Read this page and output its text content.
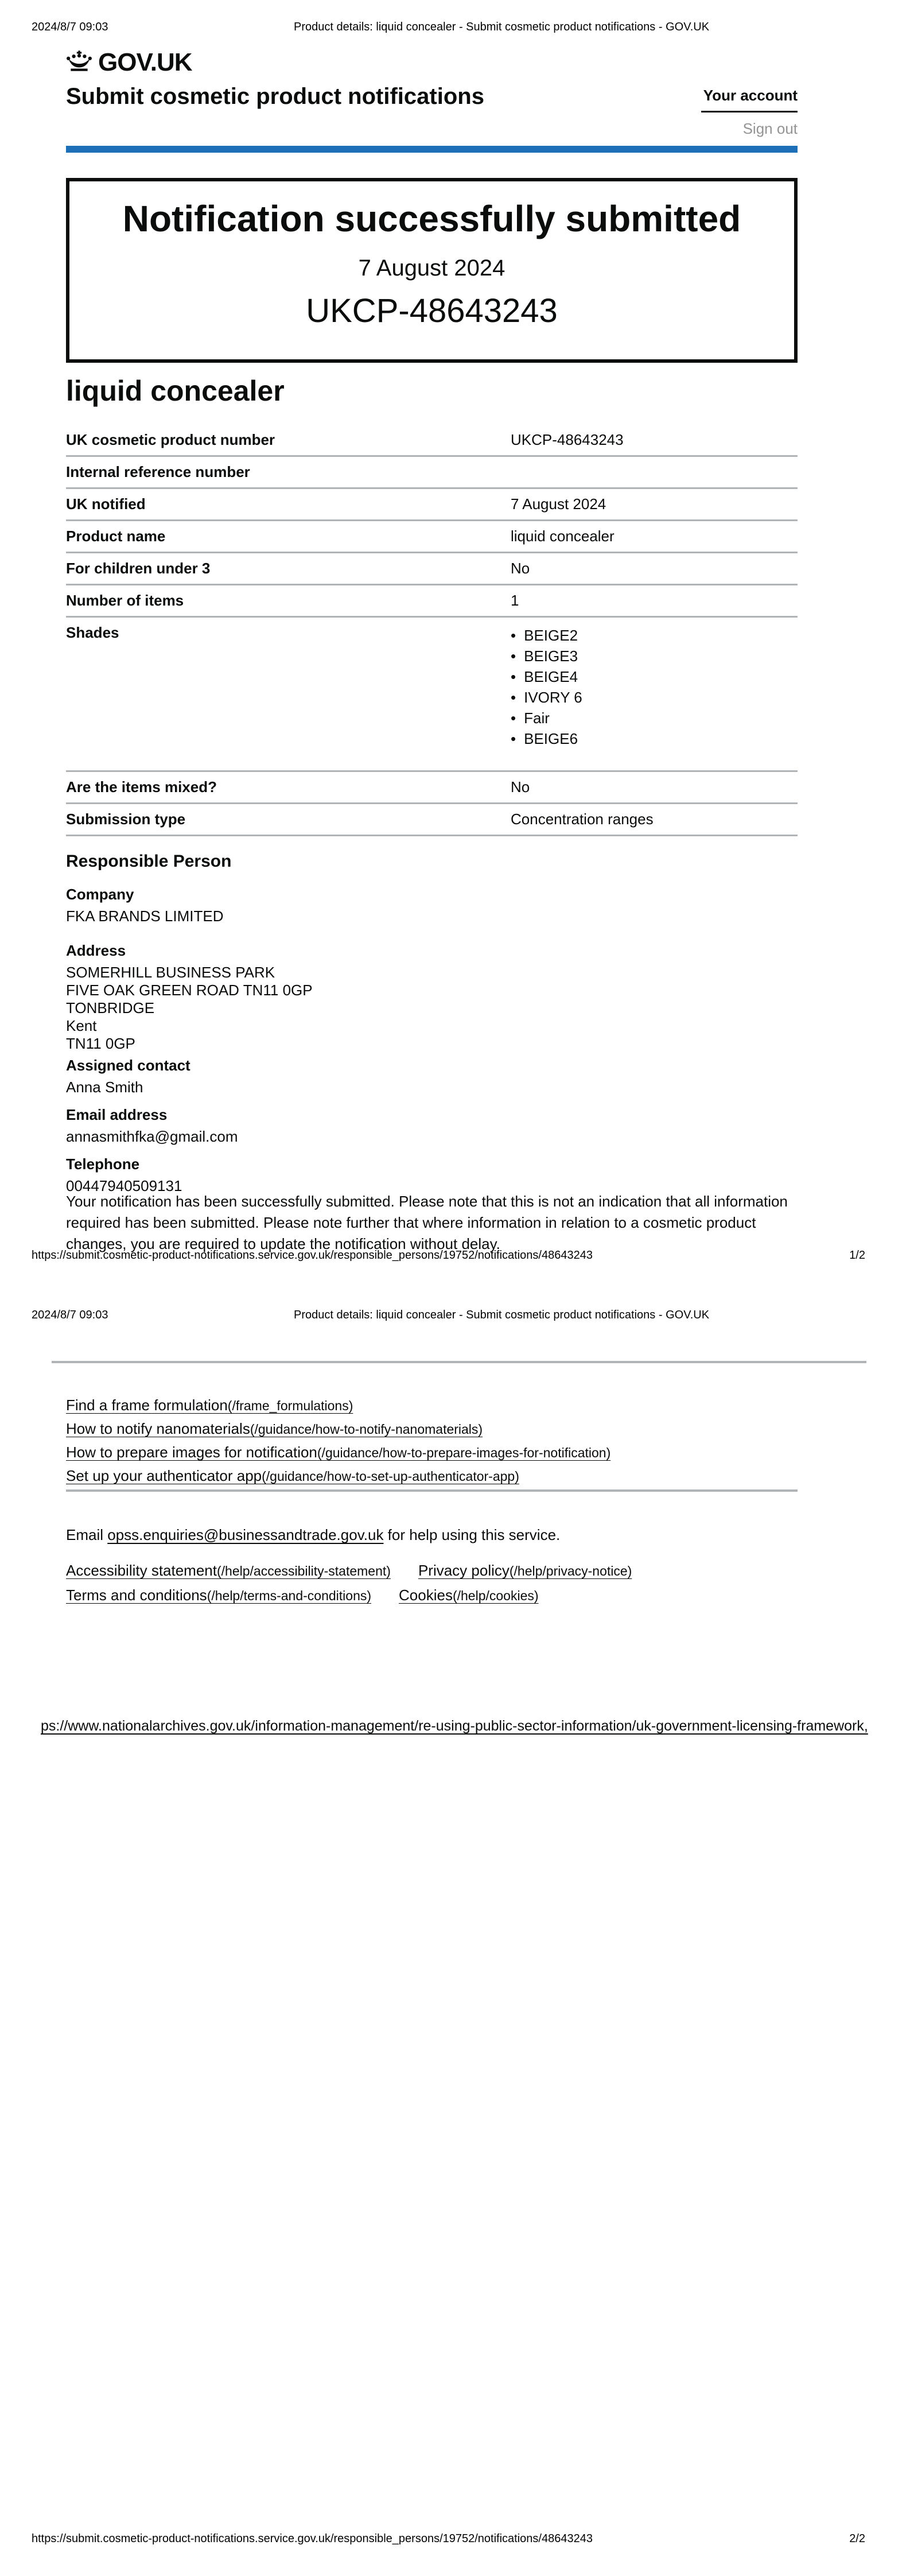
2024/8/7 09:03	Product details: liquid concealer - Submit cosmetic product notifications - GOV.UK
GOV.UK
Submit cosmetic product notifications	Your account
Sign out
Notification successfully submitted
7 August 2024
UKCP-48643243
liquid concealer
UK cosmetic product number	UKCP-48643243
Internal reference number
UK notified	7 August 2024
Product name	liquid concealer
For children under 3	No
Number of items	1
Shades	• BEIGE2
• BEIGE3
• BEIGE4
• IVORY 6
• Fair
• BEIGE6
Are the items mixed?	No
Submission type	Concentration ranges
Responsible Person
Company
FKA BRANDS LIMITED
Address
SOMERHILL BUSINESS PARK
FIVE OAK GREEN ROAD TN11 0GP
TONBRIDGE
Kent
TN11 0GP
Assigned contact
Anna Smith
Email address
annasmithfka@gmail.com
Telephone
00447940509131

Your notification has been successfully submitted. Please note that this is not an indication that all information required has been submitted. Please note further that where information in relation to a cosmetic product changes, you are required to update the notification without delay.

https://submit.cosmetic-product-notifications.service.gov.uk/responsible_persons/19752/notifications/48643243	1/2
2024/8/7 09:03	Product details: liquid concealer - Submit cosmetic product notifications - GOV.UK
Find a frame formulation(/frame_formulations)
How to notify nanomaterials(/guidance/how-to-notify-nanomaterials)
How to prepare images for notification(/guidance/how-to-prepare-images-for-notification)
Set up your authenticator app(/guidance/how-to-set-up-authenticator-app)
Email opss.enquiries@businessandtrade.gov.uk for help using this service.
Accessibility statement(/help/accessibility-statement) Privacy policy(/help/privacy-notice)
Terms and conditions(/help/terms-and-conditions) Cookies(/help/cookies)
ps://www.nationalarchives.gov.uk/information-management/re-using-public-sector-information/uk-government-licensing-framework,
https://submit.cosmetic-product-notifications.service.gov.uk/responsible_persons/19752/notifications/48643243	2/2
